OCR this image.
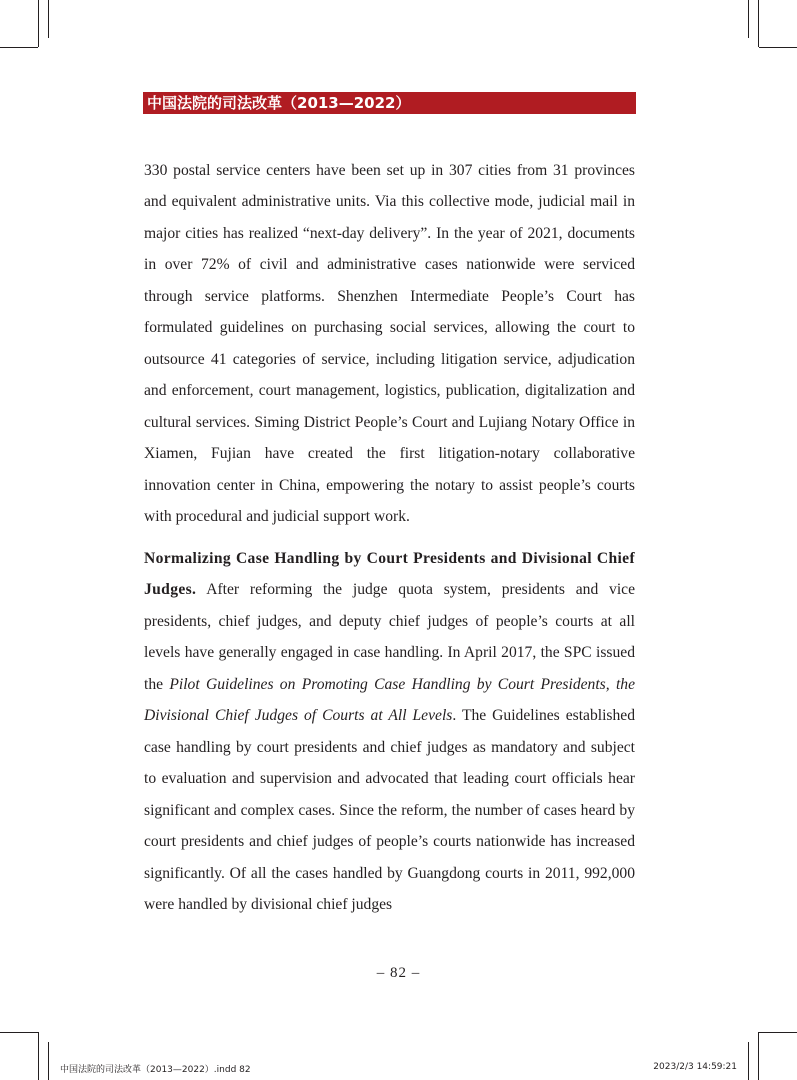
中国法院的司法改革（2013—2022）

330 postal service centers have been set up in 307 cities from 31 provinces and equivalent administrative units. Via this collective mode, judicial mail in major cities has realized “next-day delivery”. In the year of 2021, documents in over 72% of civil and administrative cases nationwide were serviced through service platforms. Shenzhen Intermediate People’s Court has formulated guidelines on purchasing social services, allowing the court to outsource 41 categories of service, including litigation service, adjudication and enforcement, court management, logistics, publication, digitalization and cultural services. Siming District People’s Court and Lujiang Notary Office in Xiamen, Fujian have created the first litigation-notary collaborative innovation center in China, empowering the notary to assist people’s courts with procedural and judicial support work.

Normalizing Case Handling by Court Presidents and Divisional Chief Judges. After reforming the judge quota system, presidents and vice presidents, chief judges, and deputy chief judges of people’s courts at all levels have generally engaged in case handling. In April 2017, the SPC issued the Pilot Guidelines on Promoting Case Handling by Court Presidents, the Divisional Chief Judges of Courts at All Levels. The Guidelines established case handling by court presidents and chief judges as mandatory and subject to evaluation and supervision and advocated that leading court officials hear significant and complex cases. Since the reform, the number of cases heard by court presidents and chief judges of people’s courts nationwide has increased significantly. Of all the cases handled by Guangdong courts in 2011, 992,000 were handled by divisional chief judges

– 82 –
中国法院的司法改革（2013—2022）.indd 82	2023/2/3 14:59:21
